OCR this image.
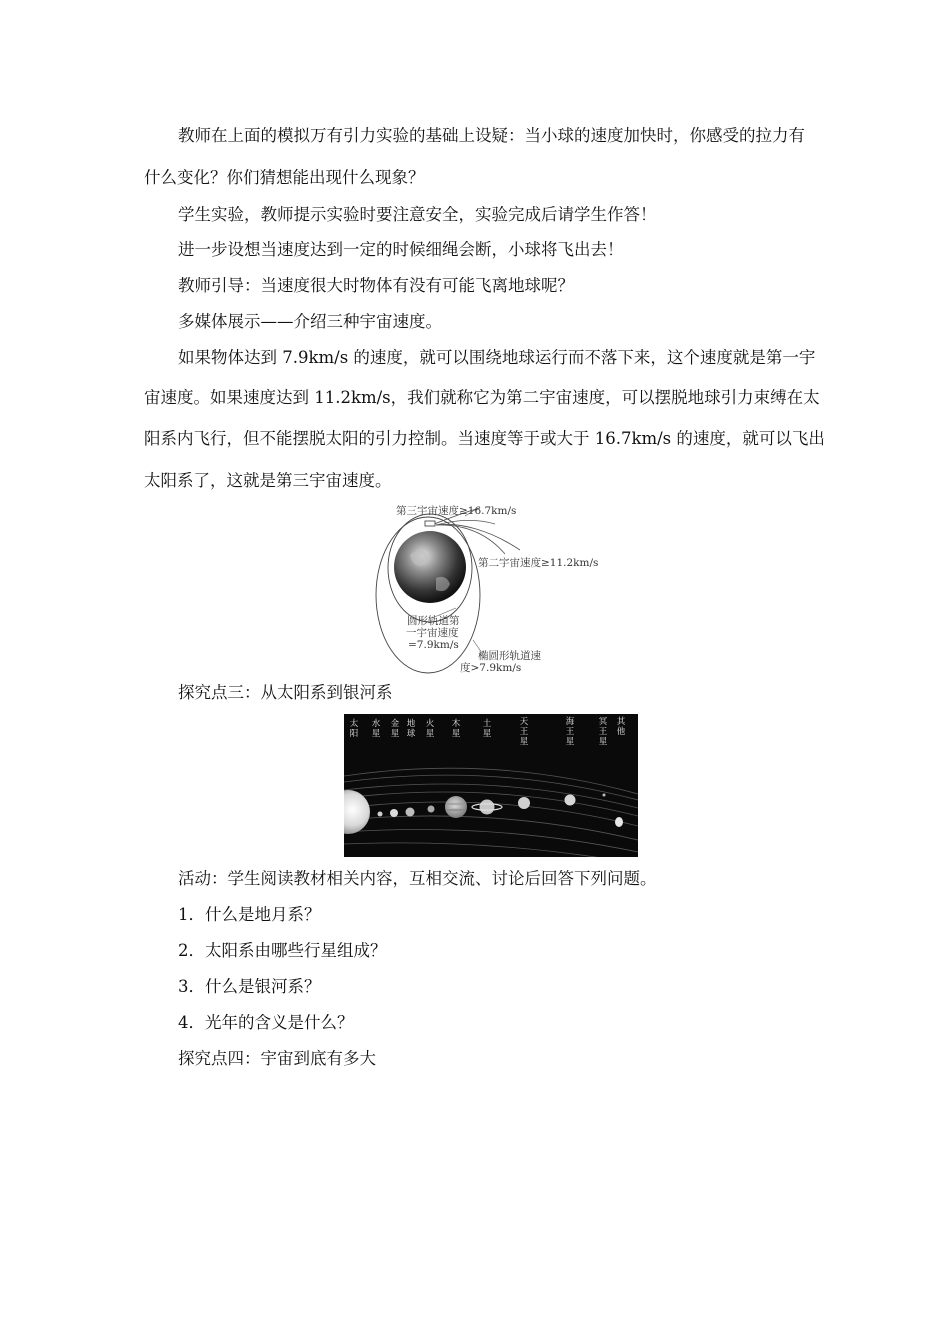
教师在上面的模拟万有引力实验的基础上设疑：当小球的速度加快时，你感受的拉力有
什么变化？你们猜想能出现什么现象？
学生实验，教师提示实验时要注意安全，实验完成后请学生作答！
进一步设想当速度达到一定的时候细绳会断，小球将飞出去！
教师引导：当速度很大时物体有没有可能飞离地球呢？
多媒体展示——介绍三种宇宙速度。
如果物体达到 7.9km/s 的速度，就可以围绕地球运行而不落下来，这个速度就是第一宇
宙速度。如果速度达到 11.2km/s，我们就称它为第二宇宙速度，可以摆脱地球引力束缚在太
阳系内飞行，但不能摆脱太阳的引力控制。当速度等于或大于 16.7km/s 的速度，就可以飞出
太阳系了，这就是第三宇宙速度。
第三宇宙速度≥16.7km/s
第二宇宙速度≥11.2km/s
圆形轨道第
一宇宙速度
=7.9km/s
椭圆形轨道速
度>7.9km/s
探究点三：从太阳系到银河系
太阳
水星
金星
地球
火星
木星
土星
天王星
海王星
冥王星
其他
活动：学生阅读教材相关内容，互相交流、讨论后回答下列问题。
1．什么是地月系？
2．太阳系由哪些行星组成？
3．什么是银河系？
4．光年的含义是什么？
探究点四：宇宙到底有多大
